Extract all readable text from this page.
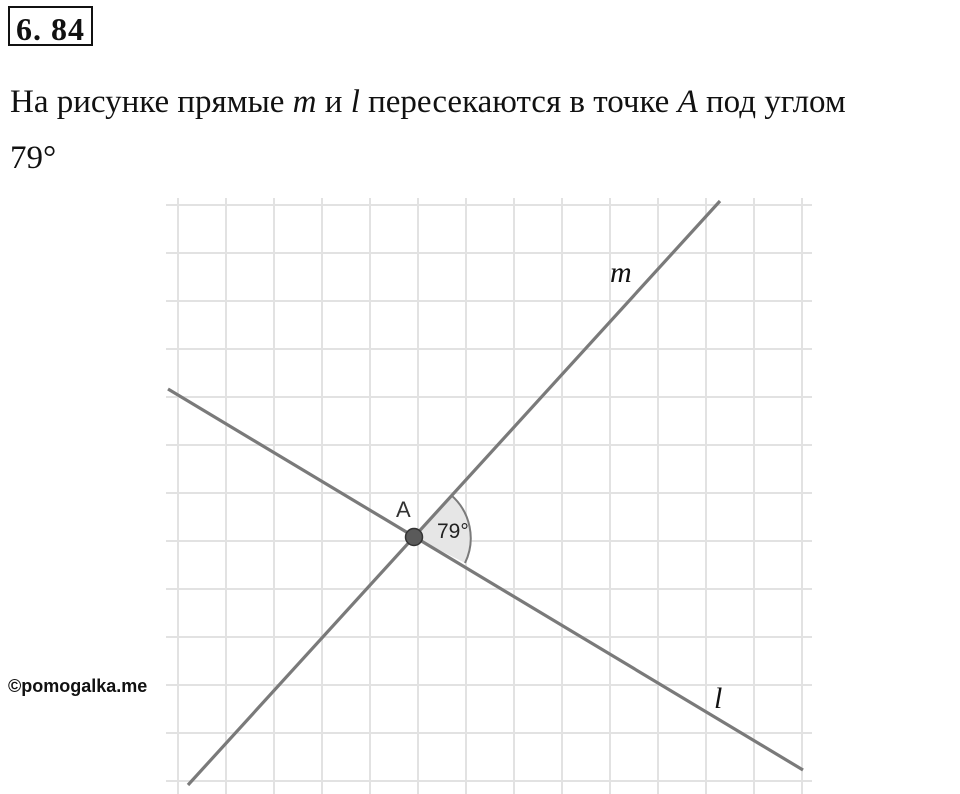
6. 84
На рисунке прямые m и l пересекаются в точке A под углом
79°
A
79°
m
l
©pomogalka.me
